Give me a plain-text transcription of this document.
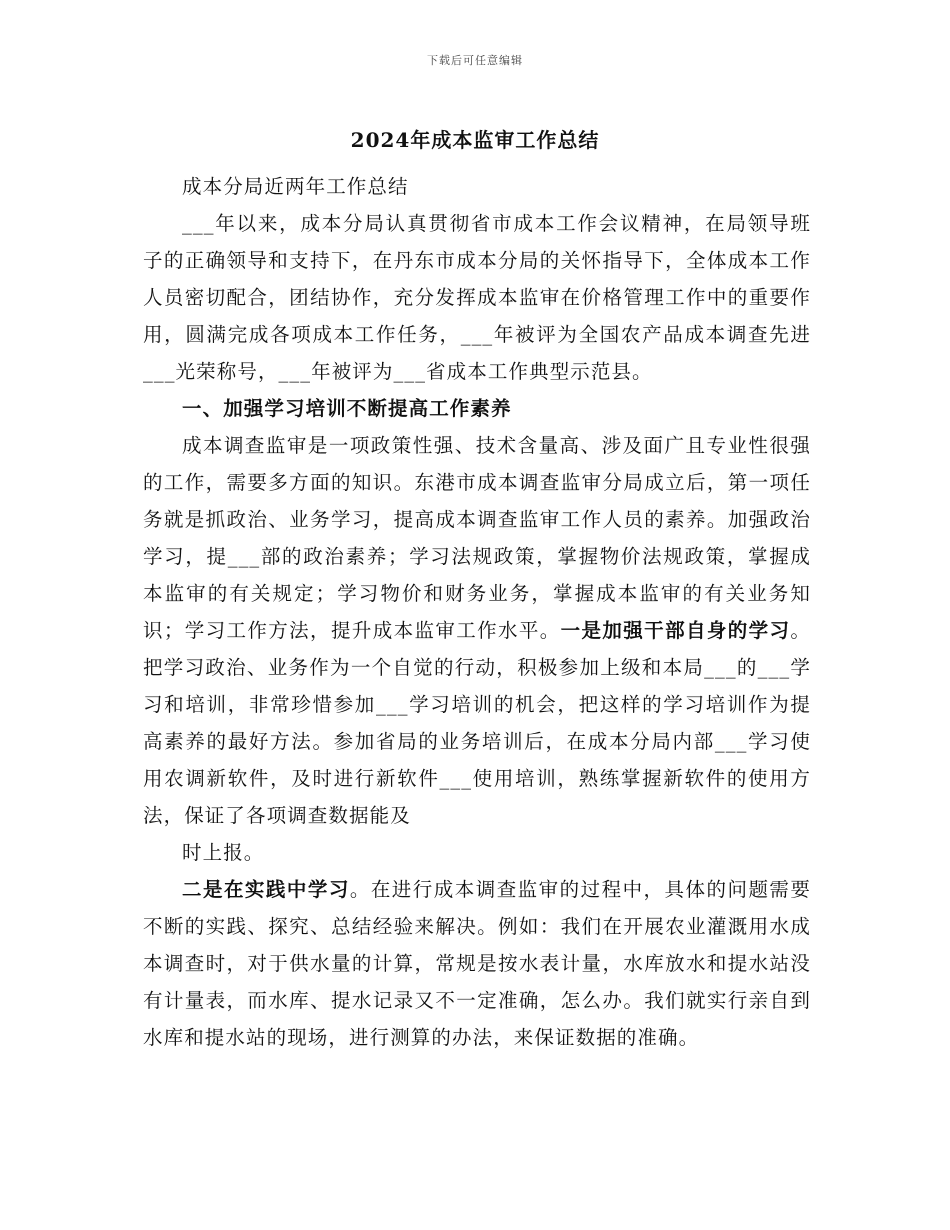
下载后可任意编辑
2024年成本监审工作总结

成本分局近两年工作总结

___年以来，成本分局认真贯彻省市成本工作会议精神，在局领导班子的正确领导和支持下，在丹东市成本分局的关怀指导下，全体成本工作人员密切配合，团结协作，充分发挥成本监审在价格管理工作中的重要作用，圆满完成各项成本工作任务，___年被评为全国农产品成本调查先进___光荣称号，___年被评为___省成本工作典型示范县。

一、加强学习培训不断提高工作素养

成本调查监审是一项政策性强、技术含量高、涉及面广且专业性很强的工作，需要多方面的知识。东港市成本调查监审分局成立后，第一项任务就是抓政治、业务学习，提高成本调查监审工作人员的素养。加强政治学习，提___部的政治素养；学习法规政策，掌握物价法规政策，掌握成本监审的有关规定；学习物价和财务业务，掌握成本监审的有关业务知识；学习工作方法，提升成本监审工作水平。一是加强干部自身的学习。把学习政治、业务作为一个自觉的行动，积极参加上级和本局___的___学习和培训，非常珍惜参加___学习培训的机会，把这样的学习培训作为提高素养的最好方法。参加省局的业务培训后，在成本分局内部___学习使用农调新软件，及时进行新软件___使用培训，熟练掌握新软件的使用方法，保证了各项调查数据能及

时上报。

二是在实践中学习。在进行成本调查监审的过程中，具体的问题需要不断的实践、探究、总结经验来解决。例如：我们在开展农业灌溉用水成本调查时，对于供水量的计算，常规是按水表计量，水库放水和提水站没有计量表，而水库、提水记录又不一定准确，怎么办。我们就实行亲自到水库和提水站的现场，进行测算的办法，来保证数据的准确。
